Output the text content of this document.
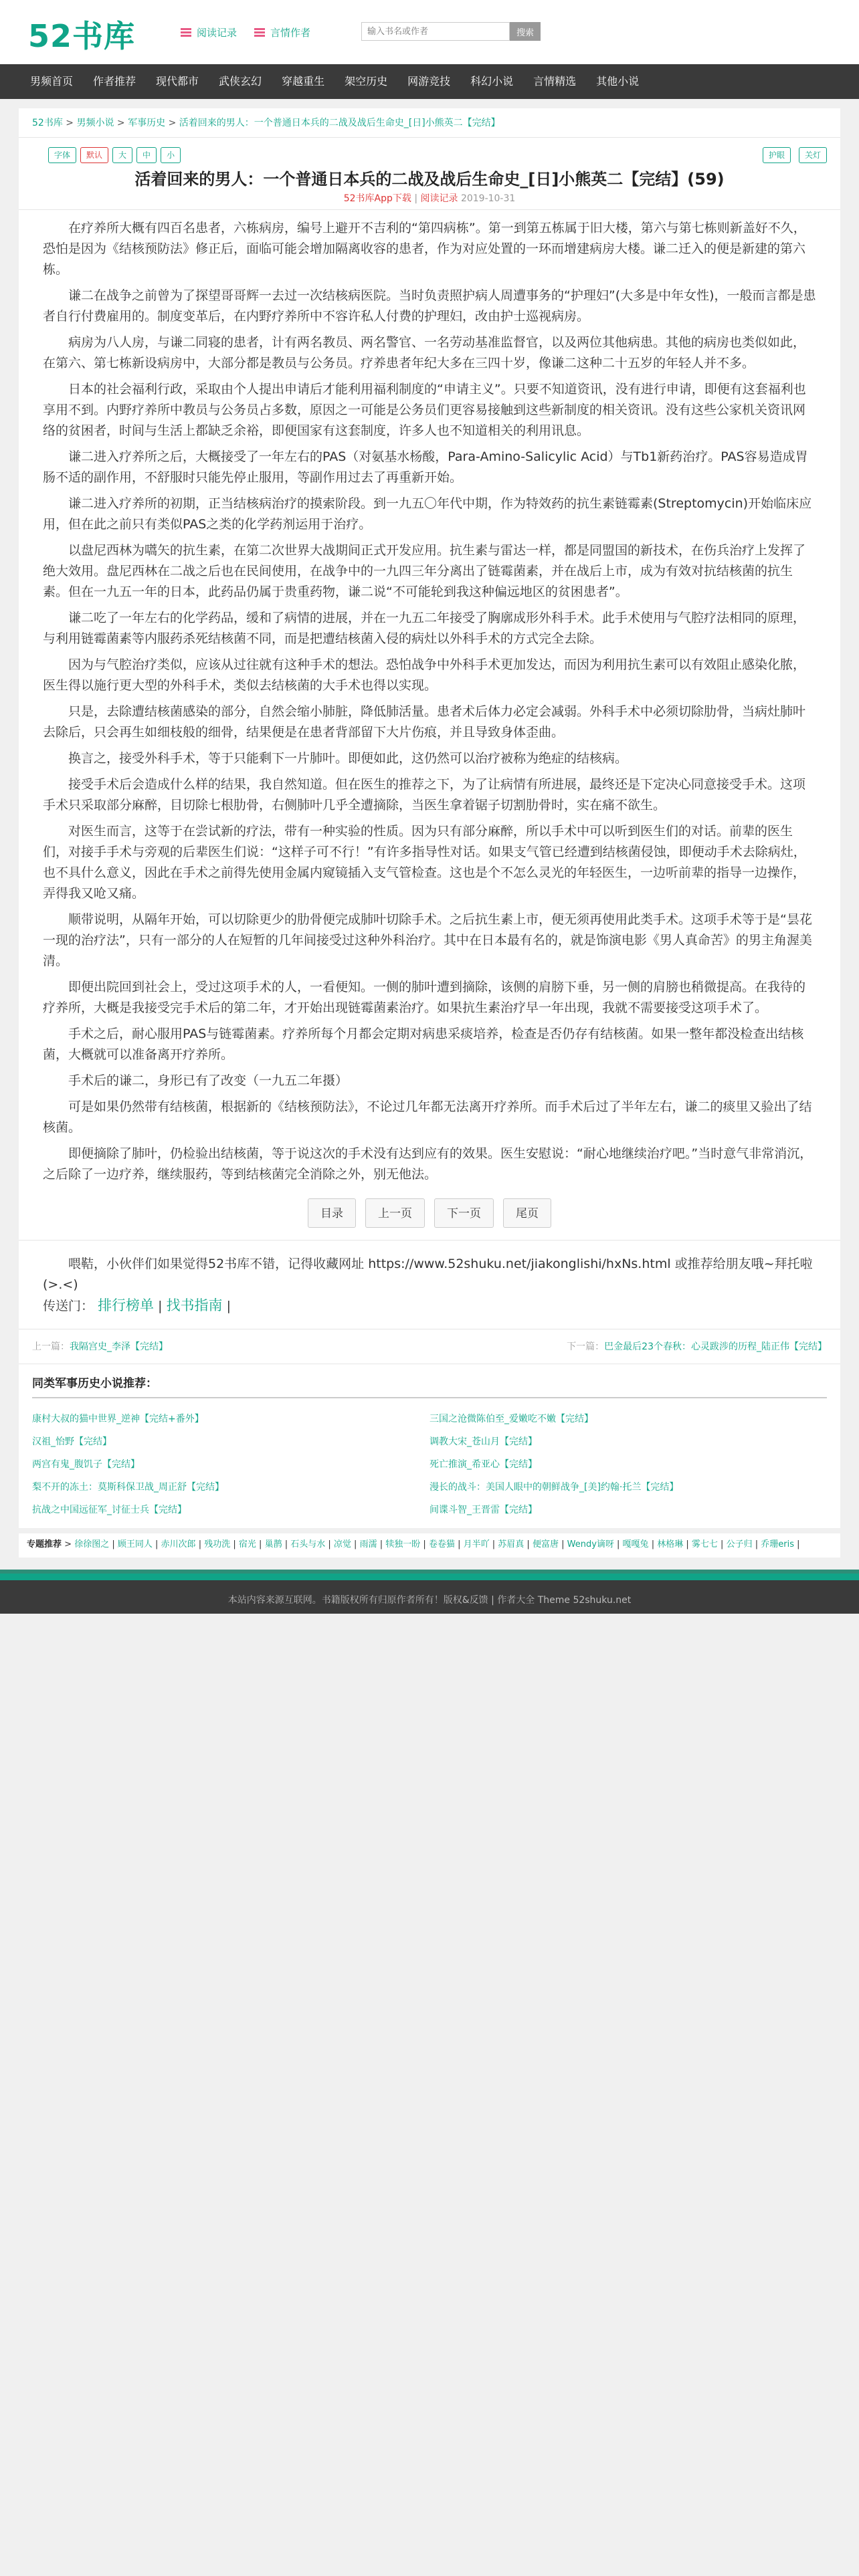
52书库	阅读记录	言情作者
输入书名或作者	搜索
男频首页	作者推荐	现代都市	武侠玄幻	穿越重生	架空历史	网游竞技	科幻小说	言情精选	其他小说
52书库 > 男频小说 > 军事历史 > 活着回来的男人：一个普通日本兵的二战及战后生命史_[日]小熊英二【完结】
字体	默认	大	中	小	护眼	关灯
活着回来的男人：一个普通日本兵的二战及战后生命史_[日]小熊英二【完结】(59)
52书库App下载 | 阅读记录 2019-10-31

在疗养所大概有四百名患者，六栋病房，编号上避开不吉利的“第四病栋”。第一到第五栋属于旧大楼，第六与第七栋则新盖好不久，恐怕是因为《结核预防法》修正后，面临可能会增加隔离收容的患者，作为对应处置的一环而增建病房大楼。谦二迁入的便是新建的第六栋。

谦二在战争之前曾为了探望哥哥辉一去过一次结核病医院。当时负责照护病人周遭事务的“护理妇”(大多是中年女性)，一般而言都是患者自行付费雇用的。制度变革后，在内野疗养所中不容许私人付费的护理妇，改由护士巡视病房。

病房为八人房，与谦二同寝的患者，计有两名教员、两名警官、一名劳动基准监督官，以及两位其他病患。其他的病房也类似如此，在第六、第七栋新设病房中，大部分都是教员与公务员。疗养患者年纪大多在三四十岁，像谦二这种二十五岁的年轻人并不多。

日本的社会福利行政，采取由个人提出申请后才能利用福利制度的“申请主义”。只要不知道资讯，没有进行申请，即便有这套福利也享用不到。内野疗养所中教员与公务员占多数，原因之一可能是公务员们更容易接触到这些新制度的相关资讯。没有这些公家机关资讯网络的贫困者，时间与生活上都缺乏余裕，即便国家有这套制度，许多人也不知道相关的利用讯息。

谦二进入疗养所之后，大概接受了一年左右的PAS（对氨基水杨酸，Para-Amino-Salicylic Acid）与Tb1新药治疗。PAS容易造成胃肠不适的副作用，不舒服时只能先停止服用，等副作用过去了再重新开始。

谦二进入疗养所的初期，正当结核病治疗的摸索阶段。到一九五〇年代中期，作为特效药的抗生素链霉素(Streptomycin)开始临床应用，但在此之前只有类似PAS之类的化学药剂运用于治疗。

以盘尼西林为嚆矢的抗生素，在第二次世界大战期间正式开发应用。抗生素与雷达一样，都是同盟国的新技术，在伤兵治疗上发挥了绝大效用。盘尼西林在二战之后也在民间使用，在战争中的一九四三年分离出了链霉菌素，并在战后上市，成为有效对抗结核菌的抗生素。但在一九五一年的日本，此药品仍属于贵重药物，谦二说“不可能轮到我这种偏远地区的贫困患者”。

谦二吃了一年左右的化学药品，缓和了病情的进展，并在一九五二年接受了胸廓成形外科手术。此手术使用与气腔疗法相同的原理，与利用链霉菌素等内服药杀死结核菌不同，而是把遭结核菌入侵的病灶以外科手术的方式完全去除。

因为与气腔治疗类似，应该从过往就有这种手术的想法。恐怕战争中外科手术更加发达，而因为利用抗生素可以有效阻止感染化脓，医生得以施行更大型的外科手术，类似去结核菌的大手术也得以实现。

只是，去除遭结核菌感染的部分，自然会缩小肺脏，降低肺活量。患者术后体力必定会减弱。外科手术中必须切除肋骨，当病灶肺叶去除后，只会再生如细枝般的细骨，结果便是在患者背部留下大片伤痕，并且导致身体歪曲。

换言之，接受外科手术，等于只能剩下一片肺叶。即便如此，这仍然可以治疗被称为绝症的结核病。

接受手术后会造成什么样的结果，我自然知道。但在医生的推荐之下，为了让病情有所进展，最终还是下定决心同意接受手术。这项手术只采取部分麻醉，目切除七根肋骨，右侧肺叶几乎全遭摘除，当医生拿着锯子切割肋骨时，实在痛不欲生。

对医生而言，这等于在尝试新的疗法，带有一种实验的性质。因为只有部分麻醉，所以手术中可以听到医生们的对话。前辈的医生们，对接手手术与旁观的后辈医生们说：“这样子可不行！”有许多指导性对话。如果支气管已经遭到结核菌侵蚀，即便动手术去除病灶，也不具什么意义，因此在手术之前得先使用金属内窥镜插入支气管检查。这也是个不怎么灵光的年轻医生，一边听前辈的指导一边操作，弄得我又呛又痛。

顺带说明，从隔年开始，可以切除更少的肋骨便完成肺叶切除手术。之后抗生素上市，便无须再使用此类手术。这项手术等于是“昙花一现的治疗法”，只有一部分的人在短暂的几年间接受过这种外科治疗。其中在日本最有名的，就是饰演电影《男人真命苦》的男主角渥美清。

即便出院回到社会上，受过这项手术的人，一看便知。一侧的肺叶遭到摘除，该侧的肩膀下垂，另一侧的肩膀也稍微提高。在我待的疗养所，大概是我接受完手术后的第二年，才开始出现链霉菌素治疗。如果抗生素治疗早一年出现，我就不需要接受这项手术了。

手术之后，耐心服用PAS与链霉菌素。疗养所每个月都会定期对病患采痰培养，检查是否仍存有结核菌。如果一整年都没检查出结核菌，大概就可以准备离开疗养所。

手术后的谦二，身形已有了改变（一九五二年摄）

可是如果仍然带有结核菌，根据新的《结核预防法》，不论过几年都无法离开疗养所。而手术后过了半年左右，谦二的痰里又验出了结核菌。

即便摘除了肺叶，仍检验出结核菌，等于说这次的手术没有达到应有的效果。医生安慰说：“耐心地继续治疗吧。”当时意气非常消沉，之后除了一边疗养，继续服药，等到结核菌完全消除之外，别无他法。

目录	上一页	下一页	尾页
喂鞊，小伙伴们如果觉得52书库不错，记得收藏网址 https://www.52shuku.net/jiakonglishi/hxNs.html 或推荐给朋友哦~拜托啦 (>.<)
传送门： 排行榜单 | 找书指南 |
上一篇：我隔宫史_李泽【完结】	下一篇：巴金最后23个春秋：心灵跋涉的历程_陆正伟【完结】
同类军事历史小说推荐：
康村大叔的猫中世界_逆神【完结+番外】	三国之沧微陈伯至_爱嫩吃不嫩【完结】
汉祖_怡野【完结】	调教大宋_苍山月【完结】
两宫有鬼_腹饥子【完结】	死亡推演_希亚心【完结】
梨不开的冻土：莫斯科保卫战_周正舒【完结】	漫长的战斗：美国人眼中的朝鲜战争_[美]约翰·托兰【完结】
抗战之中国远征军_讨征士兵【完结】	间谍斗智_王晋雷【完结】
专题推荐 > 徐徐图之 | 顾王同人 | 赤川次郎 | 残功洗 | 宿光 | 巢鹊 | 石头与水 | 凉觉 | 雨濡 | 犊独一盼 | 卷卷猫 | 月半吖 | 苏眉真 | 便富唐 | Wendy谪呀 | 嘎嘎兔 | 林格琳 | 雾七七 | 公子归 | 乔珊eris |
本站内容来源互联网。书籍版权所有归原作者所有！版权&反馈 | 作者大全 Theme 52shuku.net
